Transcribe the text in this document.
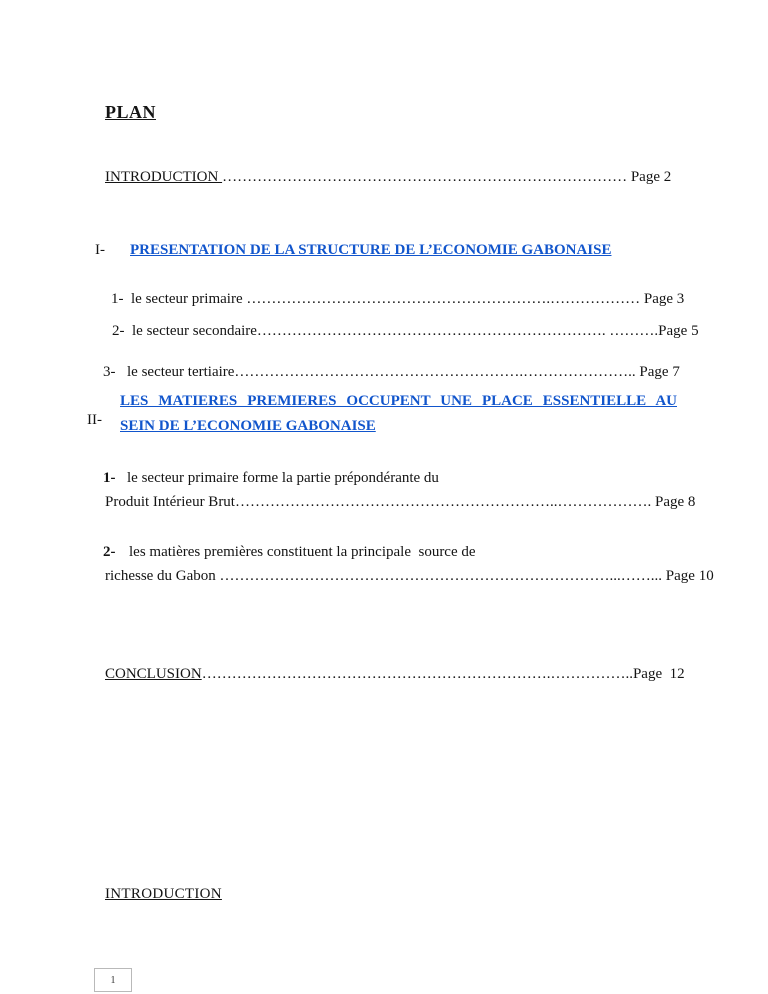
PLAN

INTRODUCTION ……………………………………………………………………… Page 2

I- PRESENTATION DE LA STRUCTURE DE L’ECONOMIE GABONAISE

1- le secteur primaire …………………………………………………….……………… Page 3

2- le secteur secondaire……………………………………………………………. ……….Page 5

3- le secteur tertiaire………………………………………………….………………….. Page 7

II-

LES MATIERES PREMIERES OCCUPENT UNE PLACE ESSENTIELLE AU
SEIN DE L’ECONOMIE GABONAISE

1- le secteur primaire forme la partie prépondérante du

Produit Intérieur Brut………………………………………………………..………………. Page 8

2- les matières premières constituent la principale  source de

richesse du Gabon ……………………………………………………………………...……... Page 10

CONCLUSION…………………………………………………………….……………..Page  12

INTRODUCTION

1
